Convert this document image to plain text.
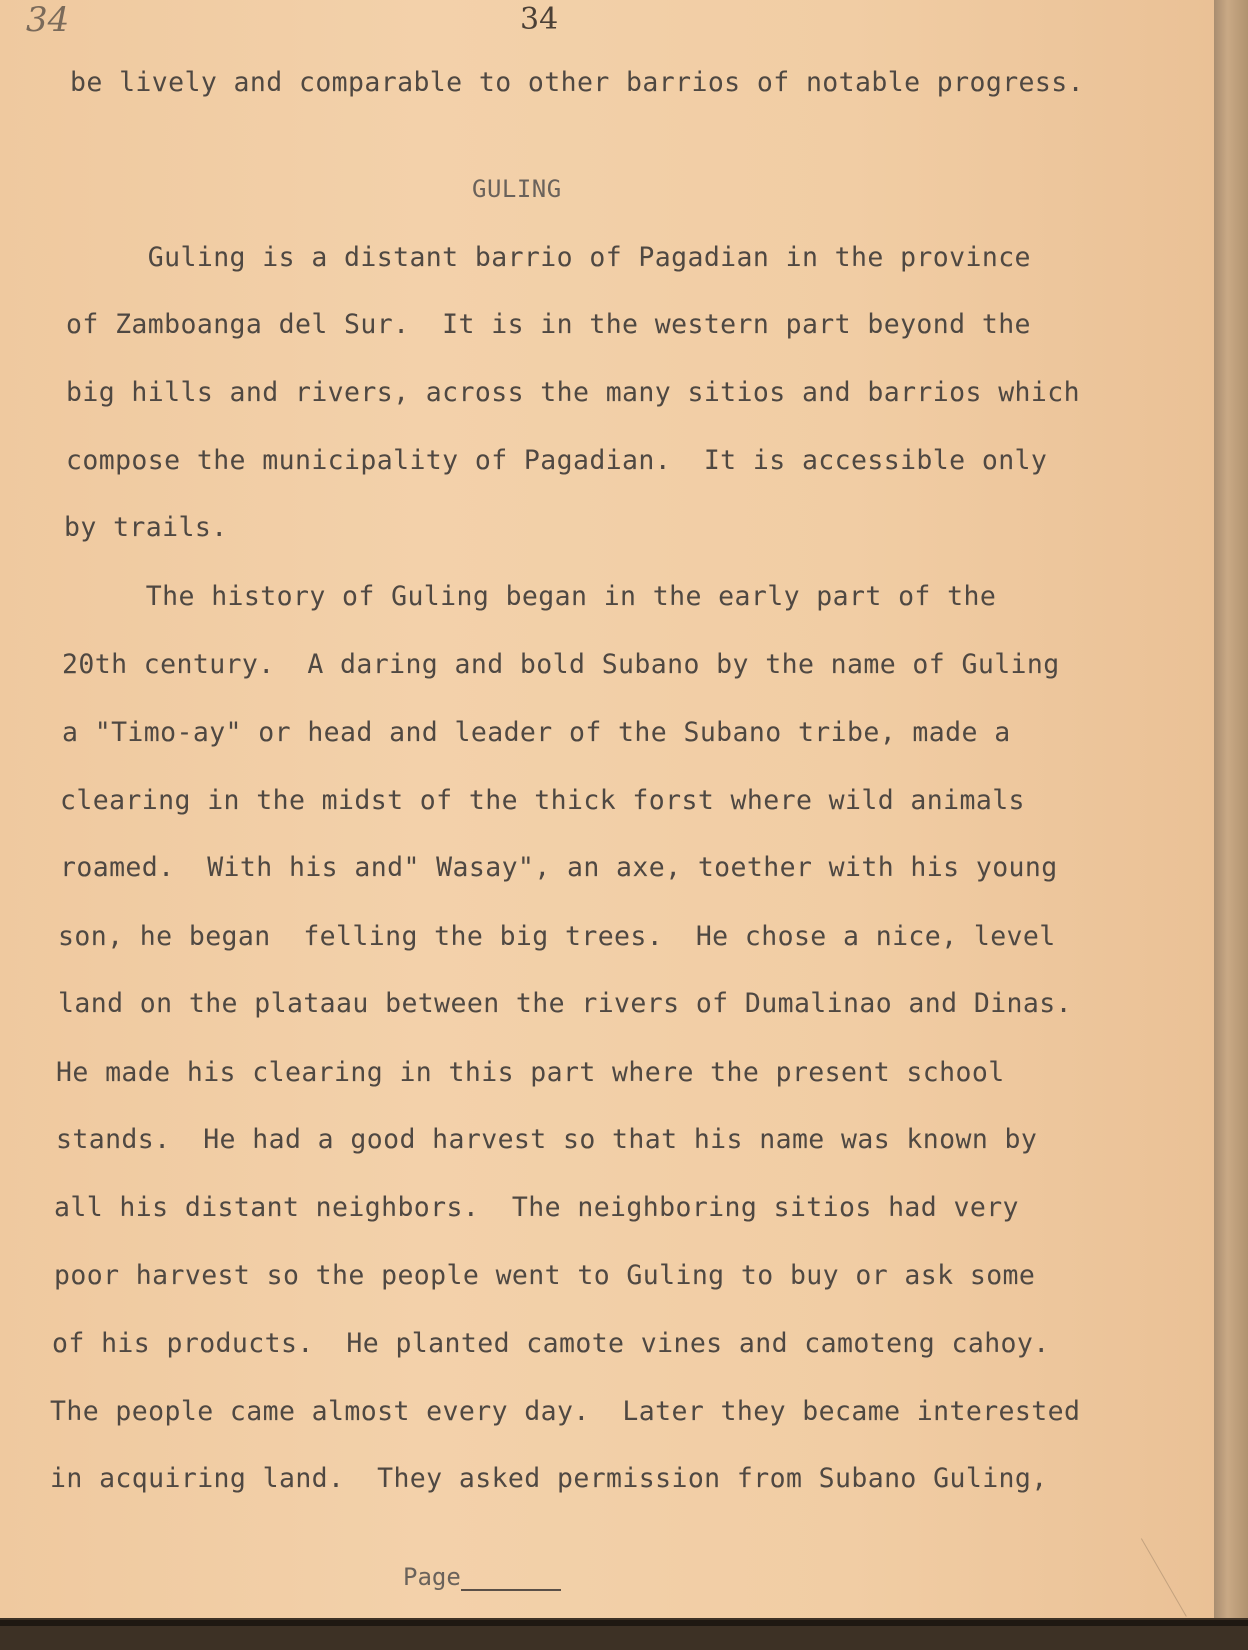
34	34
be lively and comparable to other barrios of notable progress.
GULING
Guling is a distant barrio of Pagadian in the province
of Zamboanga del Sur.  It is in the western part beyond the
big hills and rivers, across the many sitios and barrios which
compose the municipality of Pagadian.  It is accessible only
by trails.
The history of Guling began in the early part of the
20th century.  A daring and bold Subano by the name of Guling
a "Timo-ay" or head and leader of the Subano tribe, made a
clearing in the midst of the thick forst where wild animals
roamed.  With his and" Wasay", an axe, toether with his young
son, he began  felling the big trees.  He chose a nice, level
land on the plataau between the rivers of Dumalinao and Dinas.
He made his clearing in this part where the present school
stands.  He had a good harvest so that his name was known by
all his distant neighbors.  The neighboring sitios had very
poor harvest so the people went to Guling to buy or ask some
of his products.  He planted camote vines and camoteng cahoy.
The people came almost every day.  Later they became interested
in acquiring land.  They asked permission from Subano Guling,
Page
